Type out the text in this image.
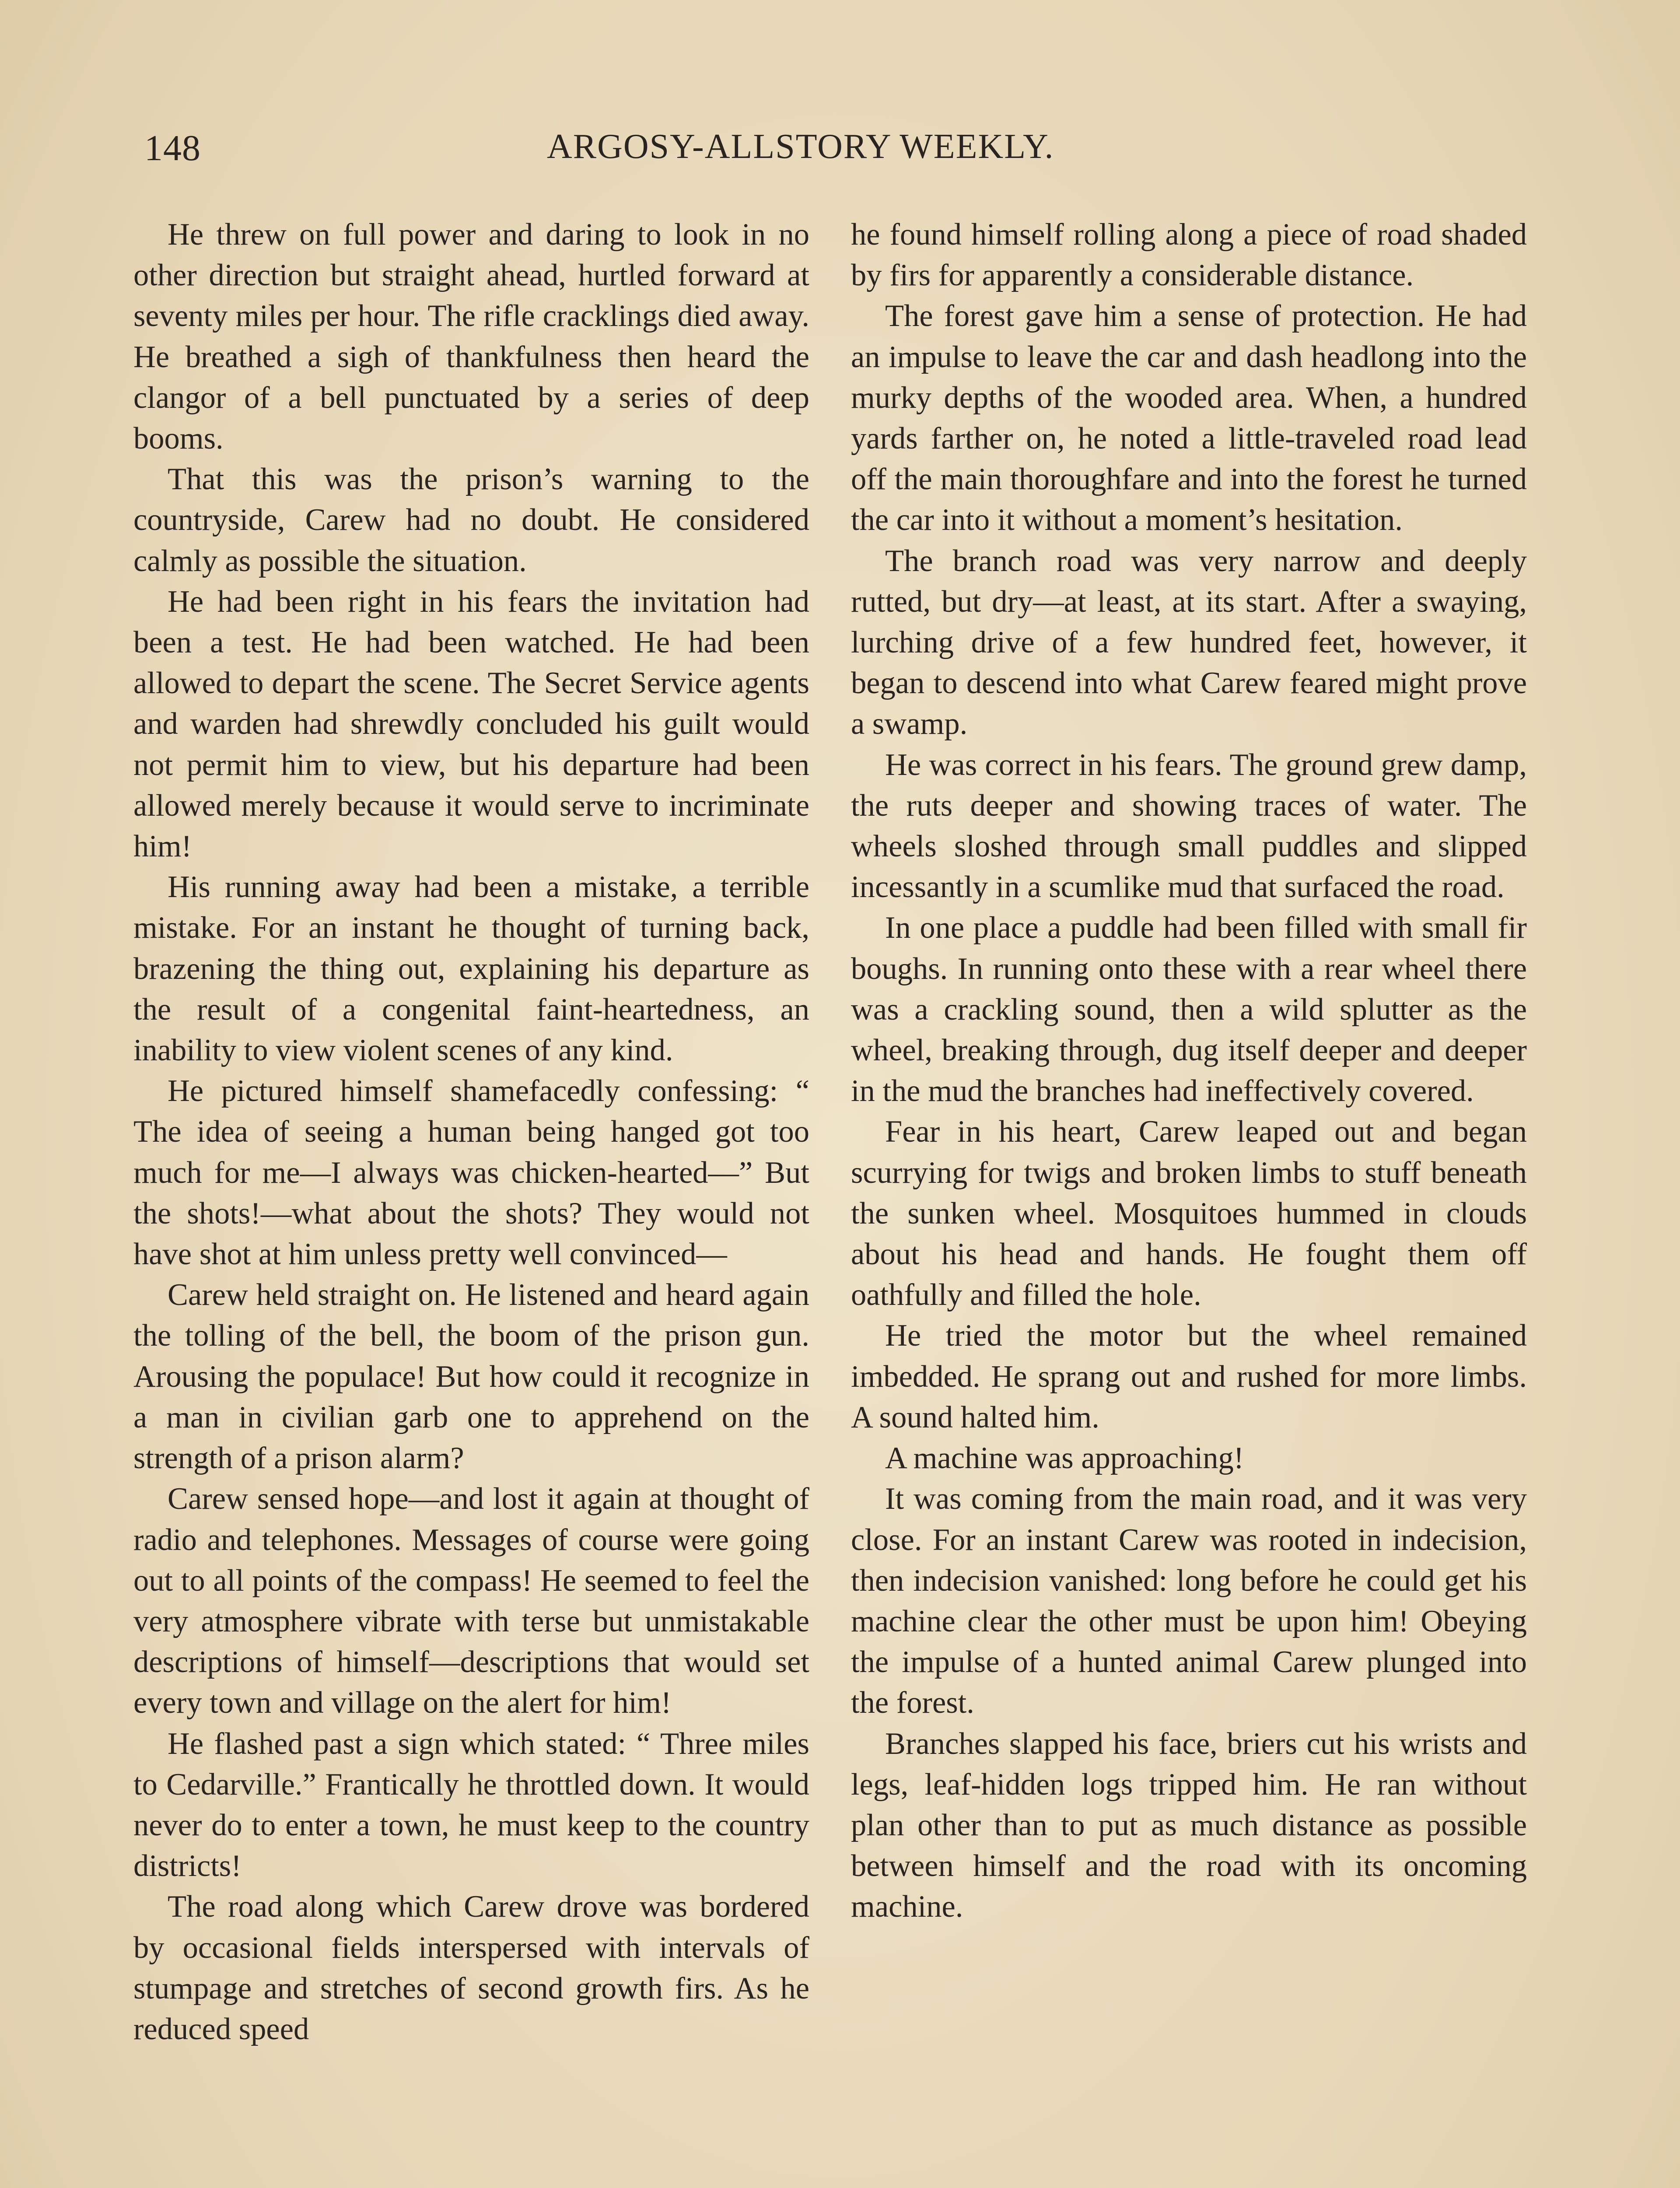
148	ARGOSY-ALLSTORY WEEKLY.

He threw on full power and daring to look in no other direction but straight ahead, hurtled forward at seventy miles per hour. The rifle cracklings died away. He breathed a sigh of thankfulness then heard the clangor of a bell punctuated by a series of deep booms.

That this was the prison’s warning to the countryside, Carew had no doubt. He considered calmly as possible the situation.

He had been right in his fears the invitation had been a test. He had been watched. He had been allowed to depart the scene. The Secret Service agents and warden had shrewdly concluded his guilt would not permit him to view, but his departure had been allowed merely because it would serve to incriminate him!

His running away had been a mistake, a terrible mistake. For an instant he thought of turning back, brazening the thing out, explaining his departure as the result of a congenital faint-heartedness, an inability to view violent scenes of any kind.

He pictured himself shamefacedly confessing: “ The idea of seeing a human being hanged got too much for me—I always was chicken-hearted—” But the shots!—what about the shots? They would not have shot at him unless pretty well convinced—

Carew held straight on. He listened and heard again the tolling of the bell, the boom of the prison gun. Arousing the populace! But how could it recognize in a man in civilian garb one to apprehend on the strength of a prison alarm?

Carew sensed hope—and lost it again at thought of radio and telephones. Messages of course were going out to all points of the compass! He seemed to feel the very atmosphere vibrate with terse but unmistakable descriptions of himself—descriptions that would set every town and village on the alert for him!

He flashed past a sign which stated: “ Three miles to Cedarville.” Frantically he throttled down. It would never do to enter a town, he must keep to the country districts!

The road along which Carew drove was bordered by occasional fields interspersed with intervals of stumpage and stretches of second growth firs. As he reduced speed

he found himself rolling along a piece of road shaded by firs for apparently a considerable distance.

The forest gave him a sense of protection. He had an impulse to leave the car and dash headlong into the murky depths of the wooded area. When, a hundred yards farther on, he noted a little-traveled road lead off the main thoroughfare and into the forest he turned the car into it without a moment’s hesitation.

The branch road was very narrow and deeply rutted, but dry—at least, at its start. After a swaying, lurching drive of a few hundred feet, however, it began to descend into what Carew feared might prove a swamp.

He was correct in his fears. The ground grew damp, the ruts deeper and showing traces of water. The wheels sloshed through small puddles and slipped incessantly in a scumlike mud that surfaced the road.

In one place a puddle had been filled with small fir boughs. In running onto these with a rear wheel there was a crackling sound, then a wild splutter as the wheel, breaking through, dug itself deeper and deeper in the mud the branches had ineffectively covered.

Fear in his heart, Carew leaped out and began scurrying for twigs and broken limbs to stuff beneath the sunken wheel. Mosquitoes hummed in clouds about his head and hands. He fought them off oathfully and filled the hole.

He tried the motor but the wheel remained imbedded. He sprang out and rushed for more limbs. A sound halted him.

A machine was approaching!

It was coming from the main road, and it was very close. For an instant Carew was rooted in indecision, then indecision vanished: long before he could get his machine clear the other must be upon him! Obeying the impulse of a hunted animal Carew plunged into the forest.

Branches slapped his face, briers cut his wrists and legs, leaf-hidden logs tripped him. He ran without plan other than to put as much distance as possible between himself and the road with its oncoming machine.
